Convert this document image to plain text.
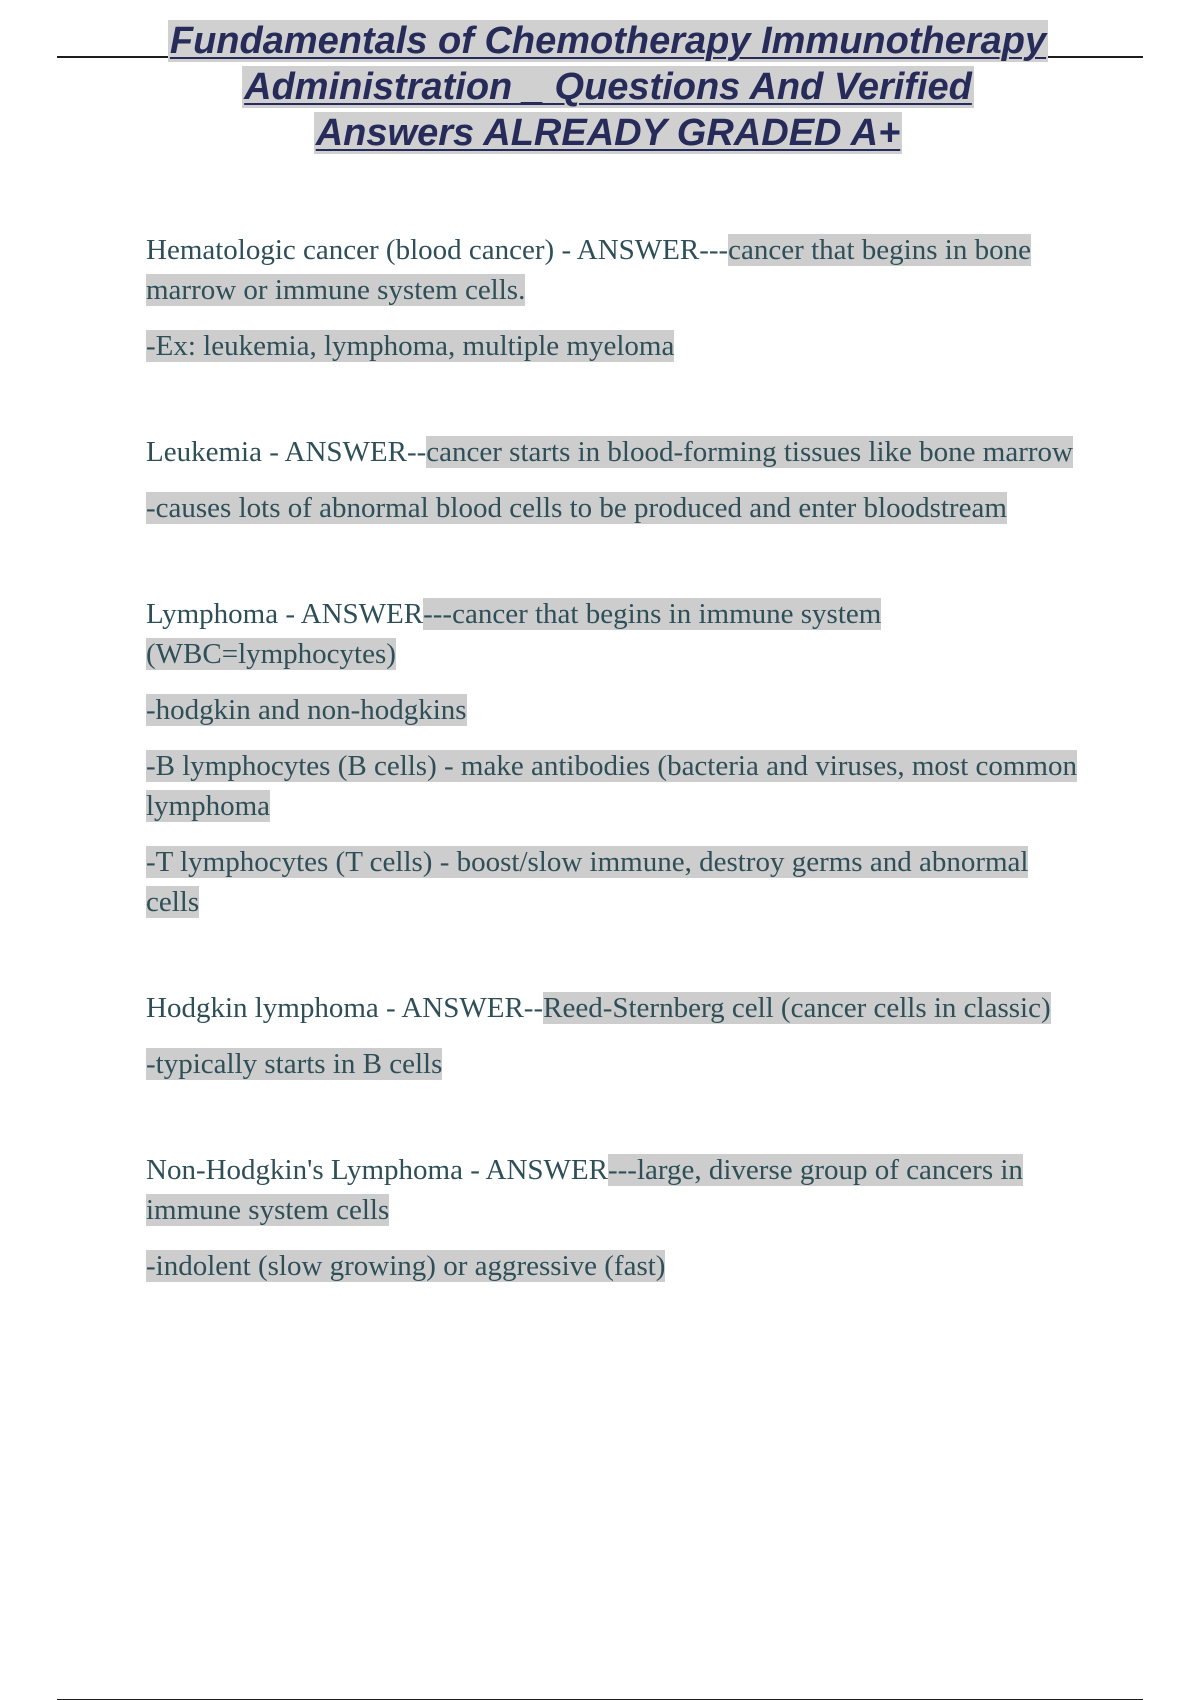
Fundamentals of Chemotherapy Immunotherapy
Administration _ Questions And Verified
Answers ALREADY GRADED A+

Hematologic cancer (blood cancer) - ANSWER---cancer that begins in bone marrow or immune system cells.

-Ex: leukemia, lymphoma, multiple myeloma

Leukemia - ANSWER--cancer starts in blood-forming tissues like bone marrow

-causes lots of abnormal blood cells to be produced and enter bloodstream

Lymphoma - ANSWER---cancer that begins in immune system (WBC=lymphocytes)

-hodgkin and non-hodgkins

-B lymphocytes (B cells) - make antibodies (bacteria and viruses, most common lymphoma

-T lymphocytes (T cells) - boost/slow immune, destroy germs and abnormal cells

Hodgkin lymphoma - ANSWER--Reed-Sternberg cell (cancer cells in classic)

-typically starts in B cells

Non-Hodgkin's Lymphoma - ANSWER---large, diverse group of cancers in immune system cells

-indolent (slow growing) or aggressive (fast)
